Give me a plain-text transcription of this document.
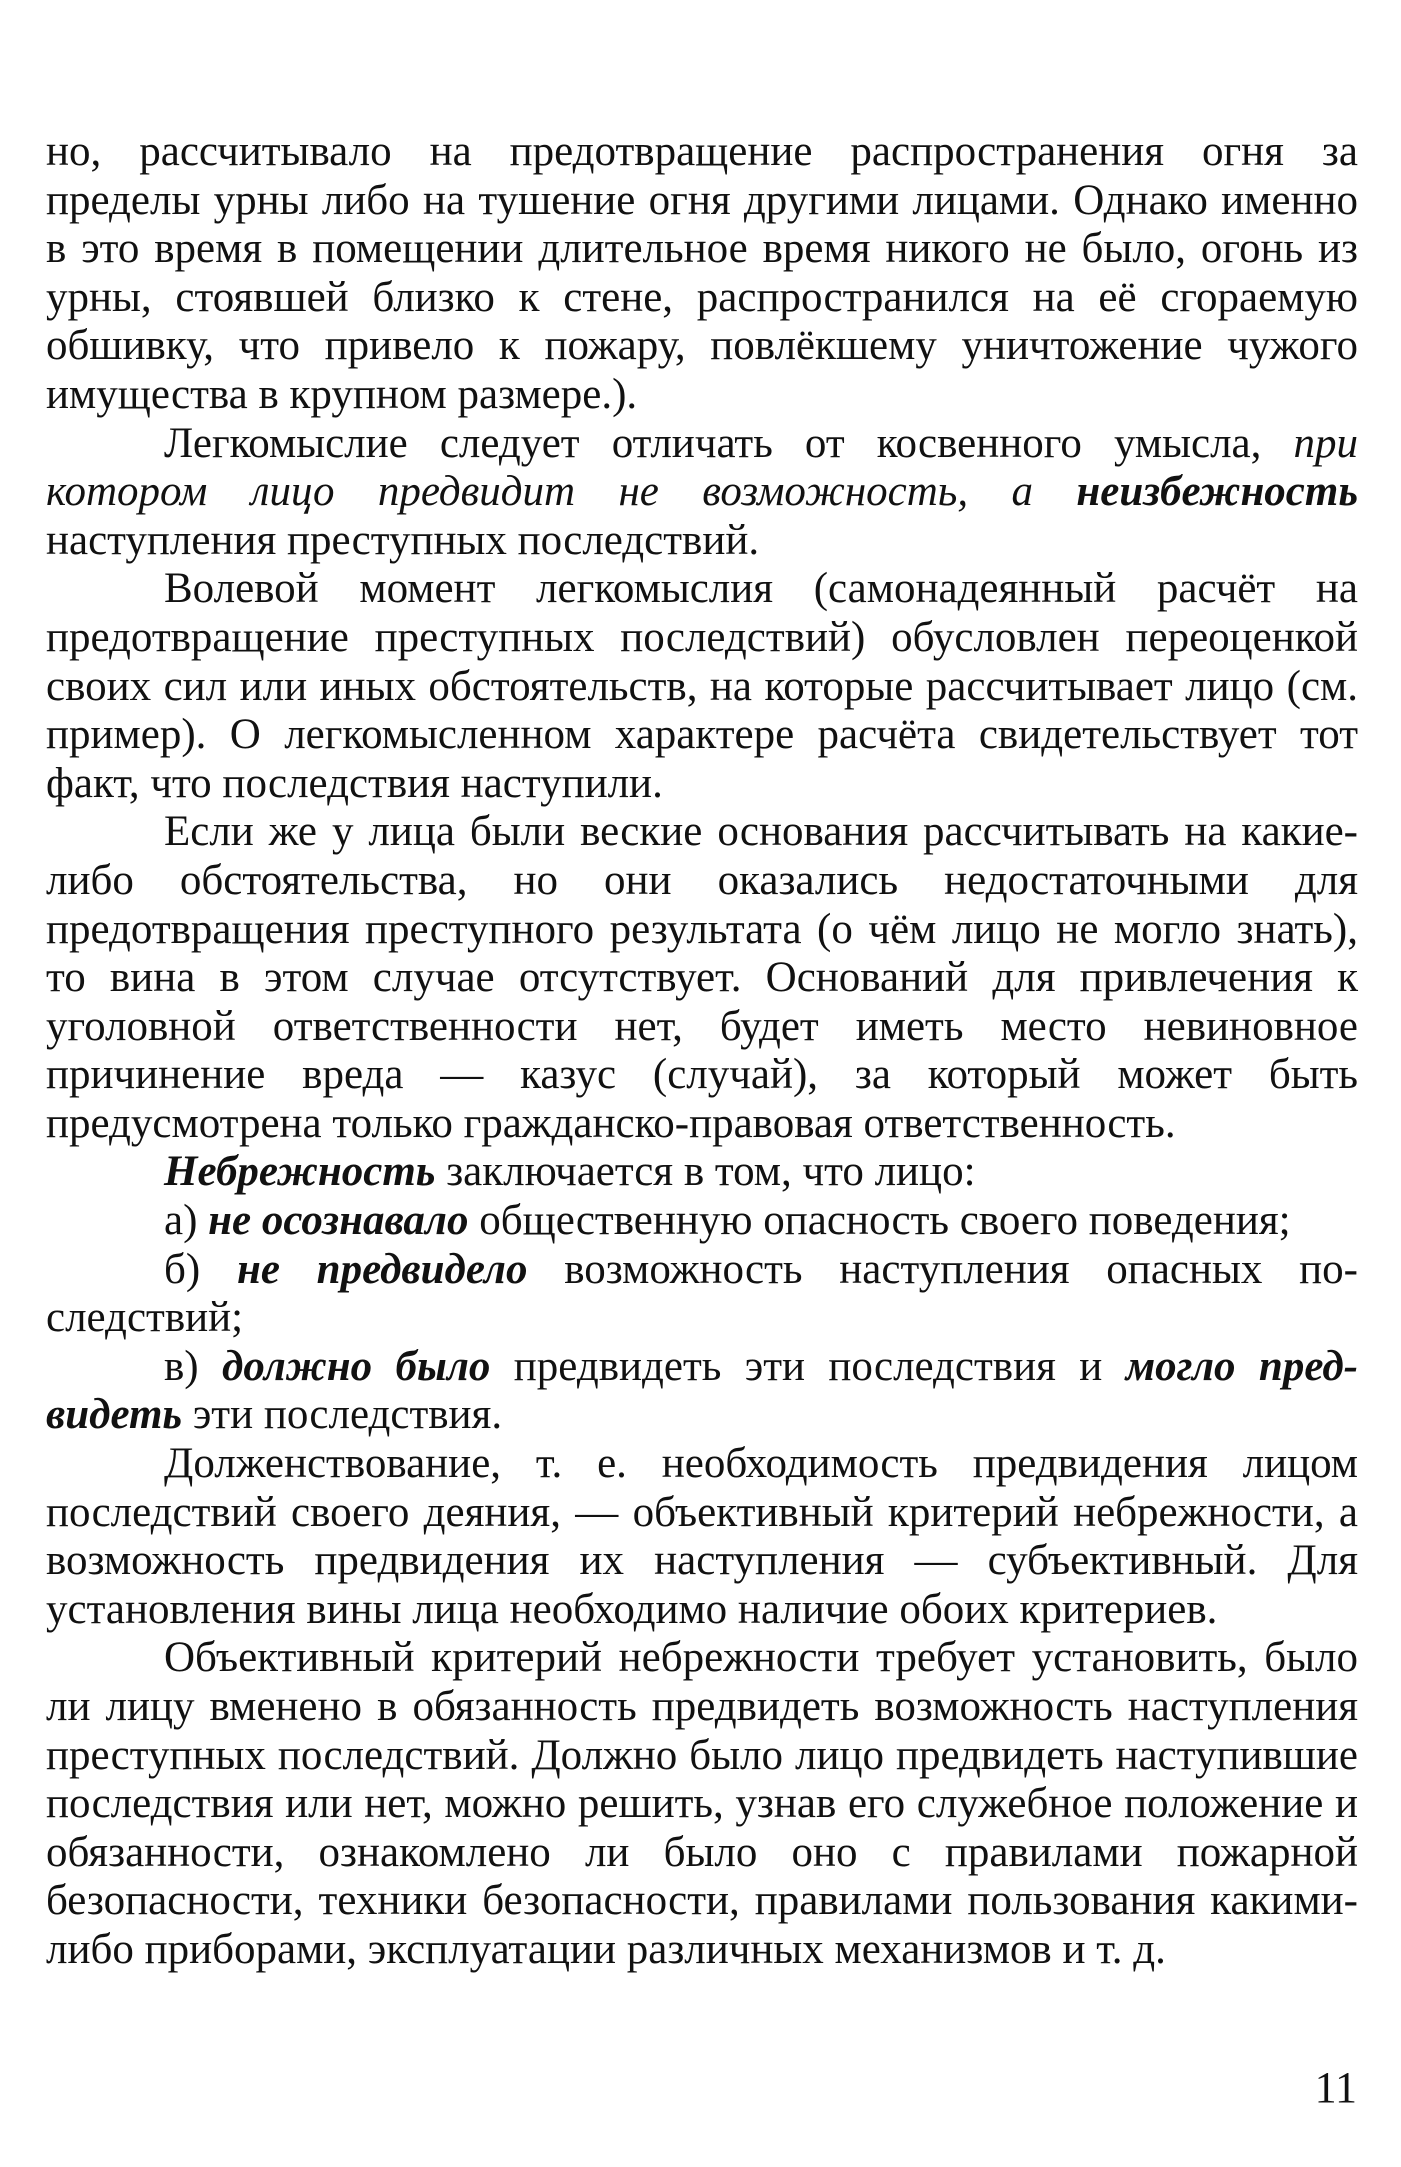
но, рассчитывало на предотвращение распространения огня за пределы урны либо на тушение огня другими лицами. Однако именно в это время в помещении длительное время никого не было, огонь из урны, стоявшей близко к стене, распространился на её сгораемую обшивку, что привело к пожару, повлёкшему уничтожение чужого имущества в крупном размере.).

Легкомыслие следует отличать от косвенного умысла, при котором лицо предвидит не возможность, а неизбежность наступления преступных последствий.

Волевой момент легкомыслия (самонадеянный расчёт на предотвращение преступных последствий) обусловлен переоценкой своих сил или иных обстоятельств, на которые рассчитывает лицо (см. пример). О легкомысленном характере расчёта свидетельствует тот факт, что последствия наступили.

Если же у лица были веские основания рассчитывать на какие-либо обстоятельства, но они оказались недостаточными для предотвращения преступного результата (о чём лицо не могло знать), то вина в этом случае отсутствует. Оснований для привлечения к уголовной ответственности нет, будет иметь место невиновное причинение вреда — казус (случай), за который может быть предусмотрена только гражданско-правовая ответственность.

Небрежность заключается в том, что лицо:

а) не осознавало общественную опасность своего поведения;

б) не предвидело возможность наступления опасных последствий;

в) должно было предвидеть эти последствия и могло предвидеть эти последствия.

Долженствование, т. е. необходимость предвидения лицом последствий своего деяния, — объективный критерий небрежности, а возможность предвидения их наступления — субъективный. Для установления вины лица необходимо наличие обоих критериев.

Объективный критерий небрежности требует установить, было ли лицу вменено в обязанность предвидеть возможность наступления преступных последствий. Должно было лицо предвидеть наступившие последствия или нет, можно решить, узнав его служебное положение и обязанности, ознакомлено ли было оно с правилами пожарной безопасности, техники безопасности, правилами пользования какими-либо приборами, эксплуатации различных механизмов и т. д.

11
